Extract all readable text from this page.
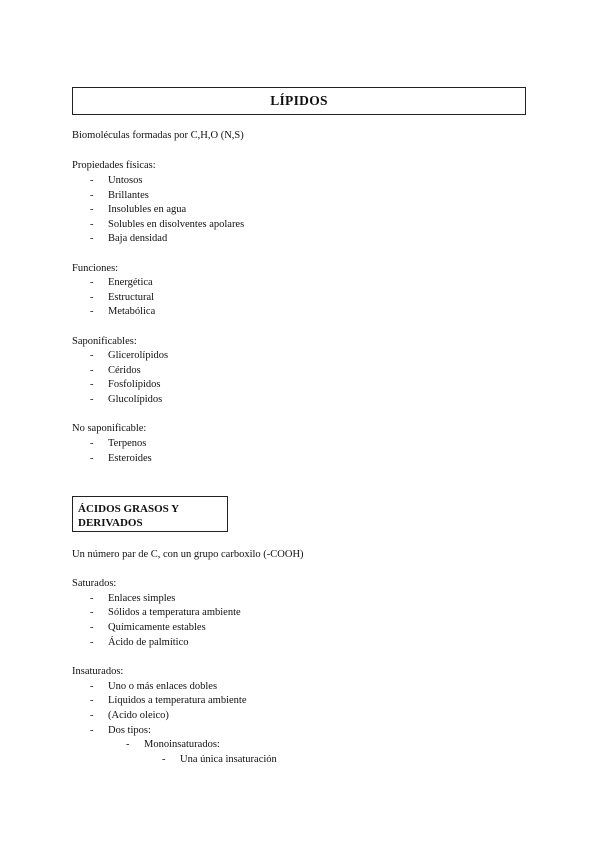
LÍPIDOS
Biomoléculas formadas por C,H,O (N,S)
Propiedades físicas:
- Untosos
- Brillantes
- Insolubles en agua
- Solubles en disolventes apolares
- Baja densidad
Funciones:
- Energética
- Estructural
- Metabólica
Saponificables:
- Glicerolípidos
- Céridos
- Fosfolípidos
- Glucolípidos
No saponificable:
- Terpenos
- Esteroides
ÁCIDOS GRASOS Y
DERIVADOS
Un número par de C, con un grupo carboxilo (-COOH)
Saturados:
- Enlaces simples
- Sólidos a temperatura ambiente
- Químicamente estables
- Ácido de palmítico
Insaturados:
- Uno o más enlaces dobles
- Líquidos a temperatura ambiente
- (Acido oleico)
- Dos tipos:
- Monoinsaturados:
- Una única insaturación
